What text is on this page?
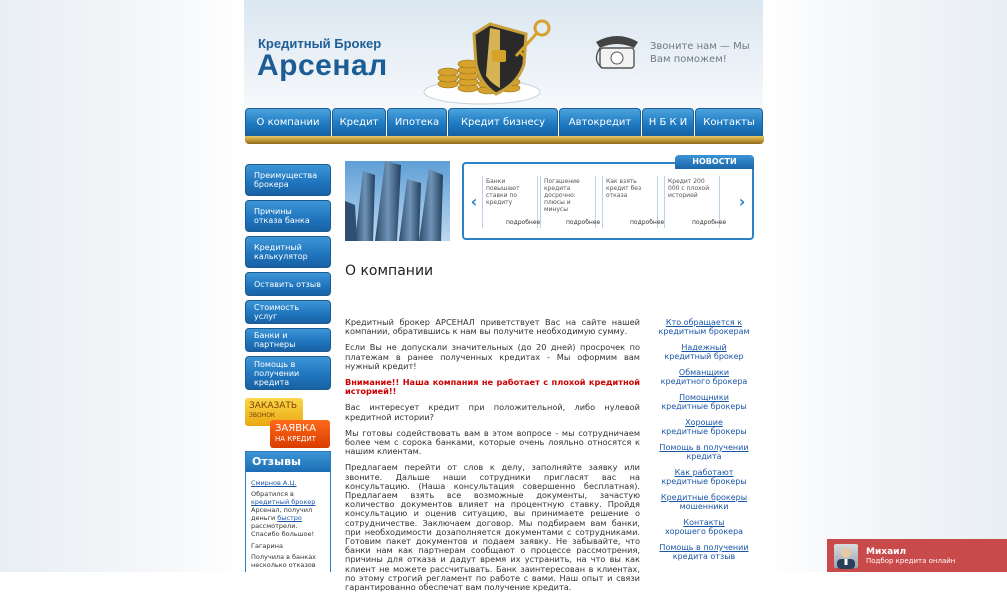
Кредитный Брокер
Арсенал
Звоните нам — Мы Вам поможем!
О компании	Кредит	Ипотека	Кредит бизнесу	Автокредит	Н Б К И	Контакты
Преимущества брокера
Причины отказа банка
Кредитный калькулятор
Оставить отзыв
Стоимость услуг
Банки и партнеры
Помощь в получении кредита
ЗАКАЗАТЬ
ЗВОНОК
ЗАЯВКА
НА КРЕДИТ
Отзывы
Смирнов А.Ц.

Обратился в кредитный брокер Арсенал, получил деньги быстро рассмотрели. Спасибо большое!

Гагарина

Получила в банках несколько отказов

НОВОСТИ
‹	›
Банки повышают ставки по кредиту
Погашение кредита досрочно: плюсы и минусы
Как взять кредит без отказа
Кредит 200 000 с плохой историей
подробнее	подробнее	подробнее	подробнее
О компании

Кредитный брокер АРСЕНАЛ приветствует Вас на сайте нашей компании, обратившись к нам вы получите необходимую сумму.

Если Вы не допускали значительных (до 20 дней) просрочек по платежам в ранее полученных кредитах - Мы оформим вам нужный кредит!

Внимание!! Наша компания не работает с плохой кредитной историей!!

Вас интересует кредит при положительной, либо нулевой кредитной истории?

Мы готовы содействовать вам в этом вопросе - мы сотрудничаем более чем с сорока банками, которые очень лояльно относятся к нашим клиентам.

Предлагаем перейти от слов к делу, заполняйте заявку или звоните. Дальше наши сотрудники пригласят вас на консультацию. (Наша консультация совершенно бесплатная). Предлагаем взять все возможные документы, зачастую количество документов влияет на процентную ставку. Пройдя консультацию и оценив ситуацию, вы принимаете решение о сотрудничестве. Заключаем договор. Мы подбираем вам банки, при необходимости дозаполняется документами с сотрудниками. Готовим пакет документов и подаем заявку. Не забывайте, что банки нам как партнерам сообщают о процессе рассмотрения, причины для отказа и дадут время их устранить, на что вы как клиент не можете рассчитывать. Банк заинтересован в клиентах, по этому строгий регламент по работе с вами. Наш опыт и связи гарантированно обеспечат вам получение кредита.

Кто обращается к
кредитным брокерам
Надежный
кредитный брокер
Обманщики
кредитного брокера
Помощники
кредитные брокеры
Хорошие
кредитные брокеры
Помощь в получении
кредита
Как работают
кредитные брокеры
Кредитные брокеры
мошенники
Контакты
хорошего брокера
Помощь в получении
кредита отзыв	Михаил
Подбор кредита онлайн
